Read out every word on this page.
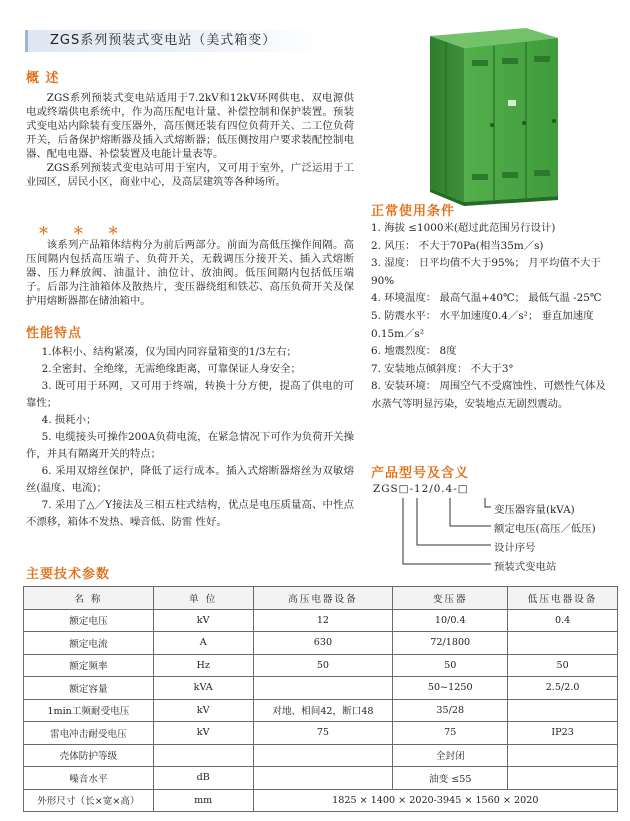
ZGS系列预装式变电站（美式箱变）
概 述

ZGS系列预装式变电站适用于7.2kV和12kV环网供电、双电源供电或终端供电系统中，作为高压配电计量、补偿控制和保护装置。预装式变电站内除装有变压器外，高压侧还装有四位负荷开关、二工位负荷开关，后备保护熔断器及插入式熔断器；低压侧按用户要求装配控制电器、配电电器、补偿装置及电能计量表等。

ZGS系列预装式变电站可用于室内，又可用于室外，广泛运用于工业园区，居民小区，商业中心，及高层建筑等各种场所。

＊ ＊ ＊

该系列产品箱体结构分为前后两部分。前面为高低压操作间隔。高压间隔内包括高压端子、负荷开关，无载调压分接开关、插入式熔断器、压力释放阀、油温计、油位计、放油阀。低压间隔内包括低压端子。后部为注油箱体及散热片，变压器绕组和铁芯、高压负荷开关及保护用熔断器都在储油箱中。

性能特点

1.体积小、结构紧凑，仅为国内同容量箱变的1/3左右；

2.全密封、全绝缘，无需绝缘距离，可靠保证人身安全；

3. 既可用于环网，又可用于终端，转换十分方便，提高了供电的可靠性；

4. 损耗小；

5. 电缆接头可操作200A负荷电流，在紧急情况下可作为负荷开关操作，并具有隔离开关的特点；

6. 采用双熔丝保护，降低了运行成本。插入式熔断器熔丝为双敏熔丝(温度、电流)；

7. 采用了△／Y接法及三相五柱式结构，优点是电压质量高、中性点不漂移，箱体不发热、噪音低、防雷 性好。

正常使用条件
1. 海拔 ≤1000米(超过此范围另行设计)
2. 风压： 不大于70Pa(相当35m／s)
3. 湿度： 日平均值不大于95%； 月平均值不大于90%
4. 环境温度： 最高气温+40℃； 最低气温 -25℃
5. 防震水平： 水平加速度0.4／s²； 垂直加速度0.15m／s²
6. 地震烈度： 8度
7. 安装地点倾斜度： 不大于3°
8. 安装环境： 周围空气不受腐蚀性、可燃性气体及水蒸气等明显污染，安装地点无剧烈震动。
产品型号及含义
ZGS□-12/0.4-□
变压器容量(kVA)
额定电压(高压／低压)
设计序号
预装式变电站
主要技术参数
名 称	单 位	高压电器设备	变压器	低压电器设备
额定电压	kV	12	10/0.4	0.4
额定电流	A	630	72/1800	
额定频率	Hz	50	50	50
额定容量	kVA		50~1250	2.5/2.0
1min工频耐受电压	kV	对地、相间42，断口48	35/28	
雷电冲击耐受电压	kV	75	75	IP23
壳体防护等级			全封闭	
噪音水平	dB		油变 ≤55	
外形尺寸（长×宽×高）	mm	1825 × 1400 × 2020-3945 × 1560 × 2020		
